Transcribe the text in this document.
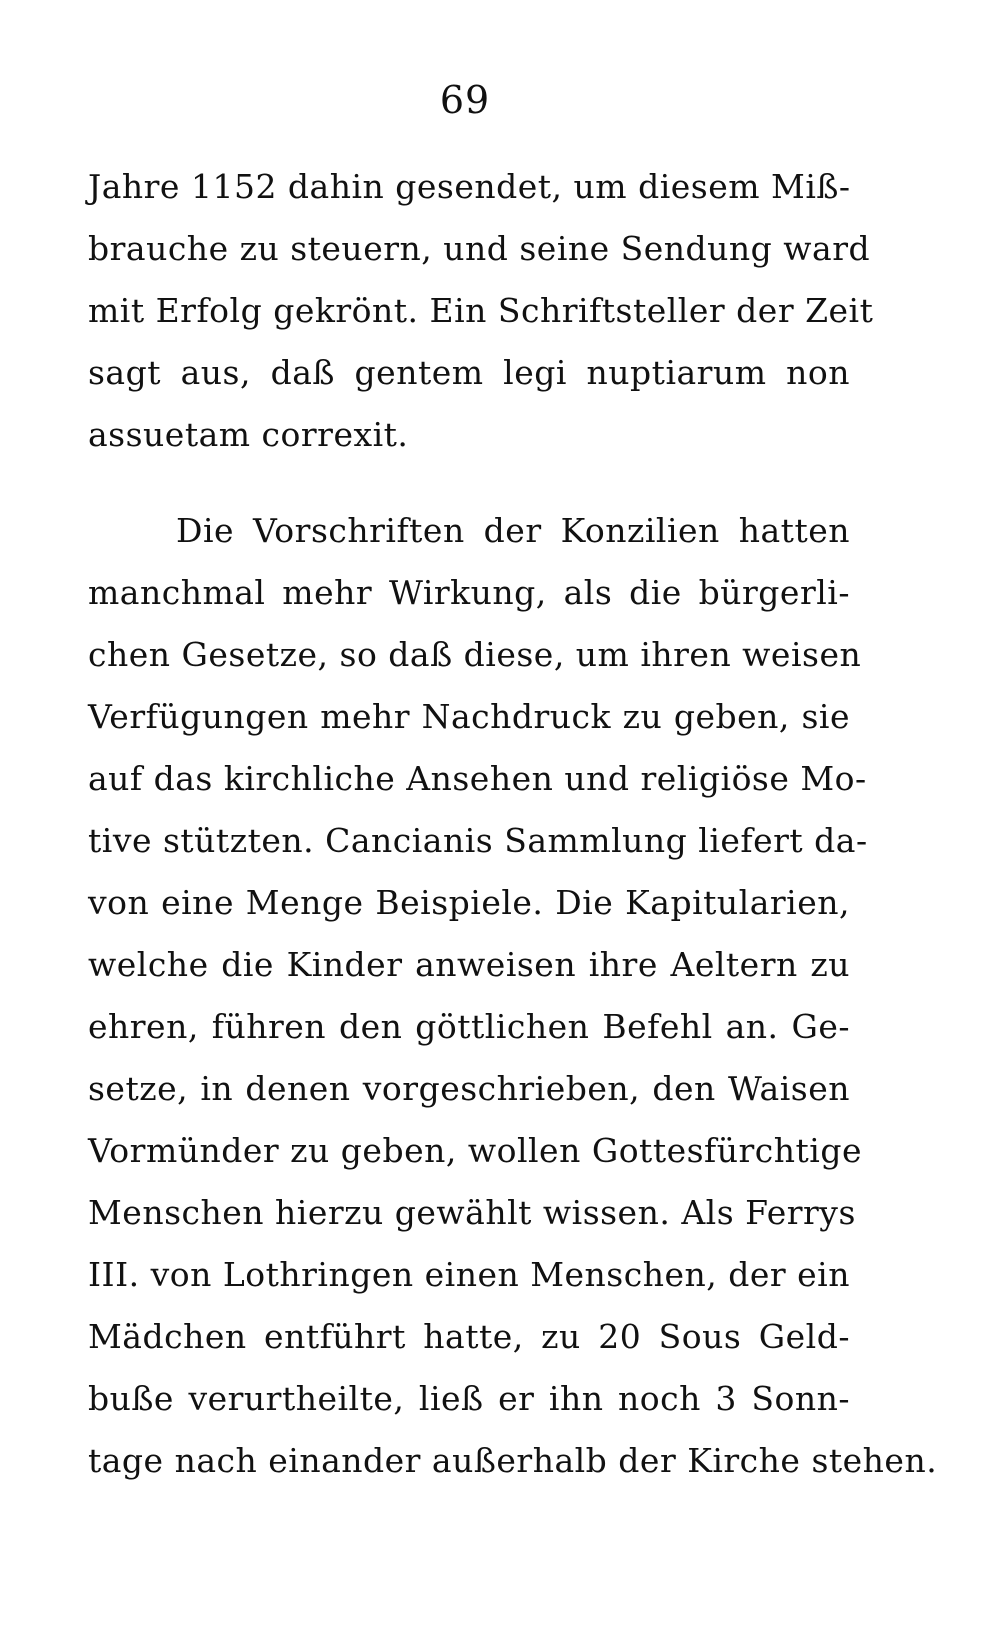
69
Jahre 1152 dahin gesendet, um diesem Miß-
brauche zu steuern, und seine Sendung ward
mit Erfolg gekrönt. Ein Schriftsteller der Zeit
sagt aus, daß gentem legi nuptiarum non
assuetam correxit.
Die Vorschriften der Konzilien hatten
manchmal mehr Wirkung, als die bürgerli-
chen Gesetze, so daß diese, um ihren weisen
Verfügungen mehr Nachdruck zu geben, sie
auf das kirchliche Ansehen und religiöse Mo-
tive stützten. Cancianis Sammlung liefert da-
von eine Menge Beispiele. Die Kapitularien,
welche die Kinder anweisen ihre Aeltern zu
ehren, führen den göttlichen Befehl an. Ge-
setze, in denen vorgeschrieben, den Waisen
Vormünder zu geben, wollen Gottesfürchtige
Menschen hierzu gewählt wissen. Als Ferrys
III. von Lothringen einen Menschen, der ein
Mädchen entführt hatte, zu 20 Sous Geld-
buße verurtheilte, ließ er ihn noch 3 Sonn-
tage nach einander außerhalb der Kirche stehen.
